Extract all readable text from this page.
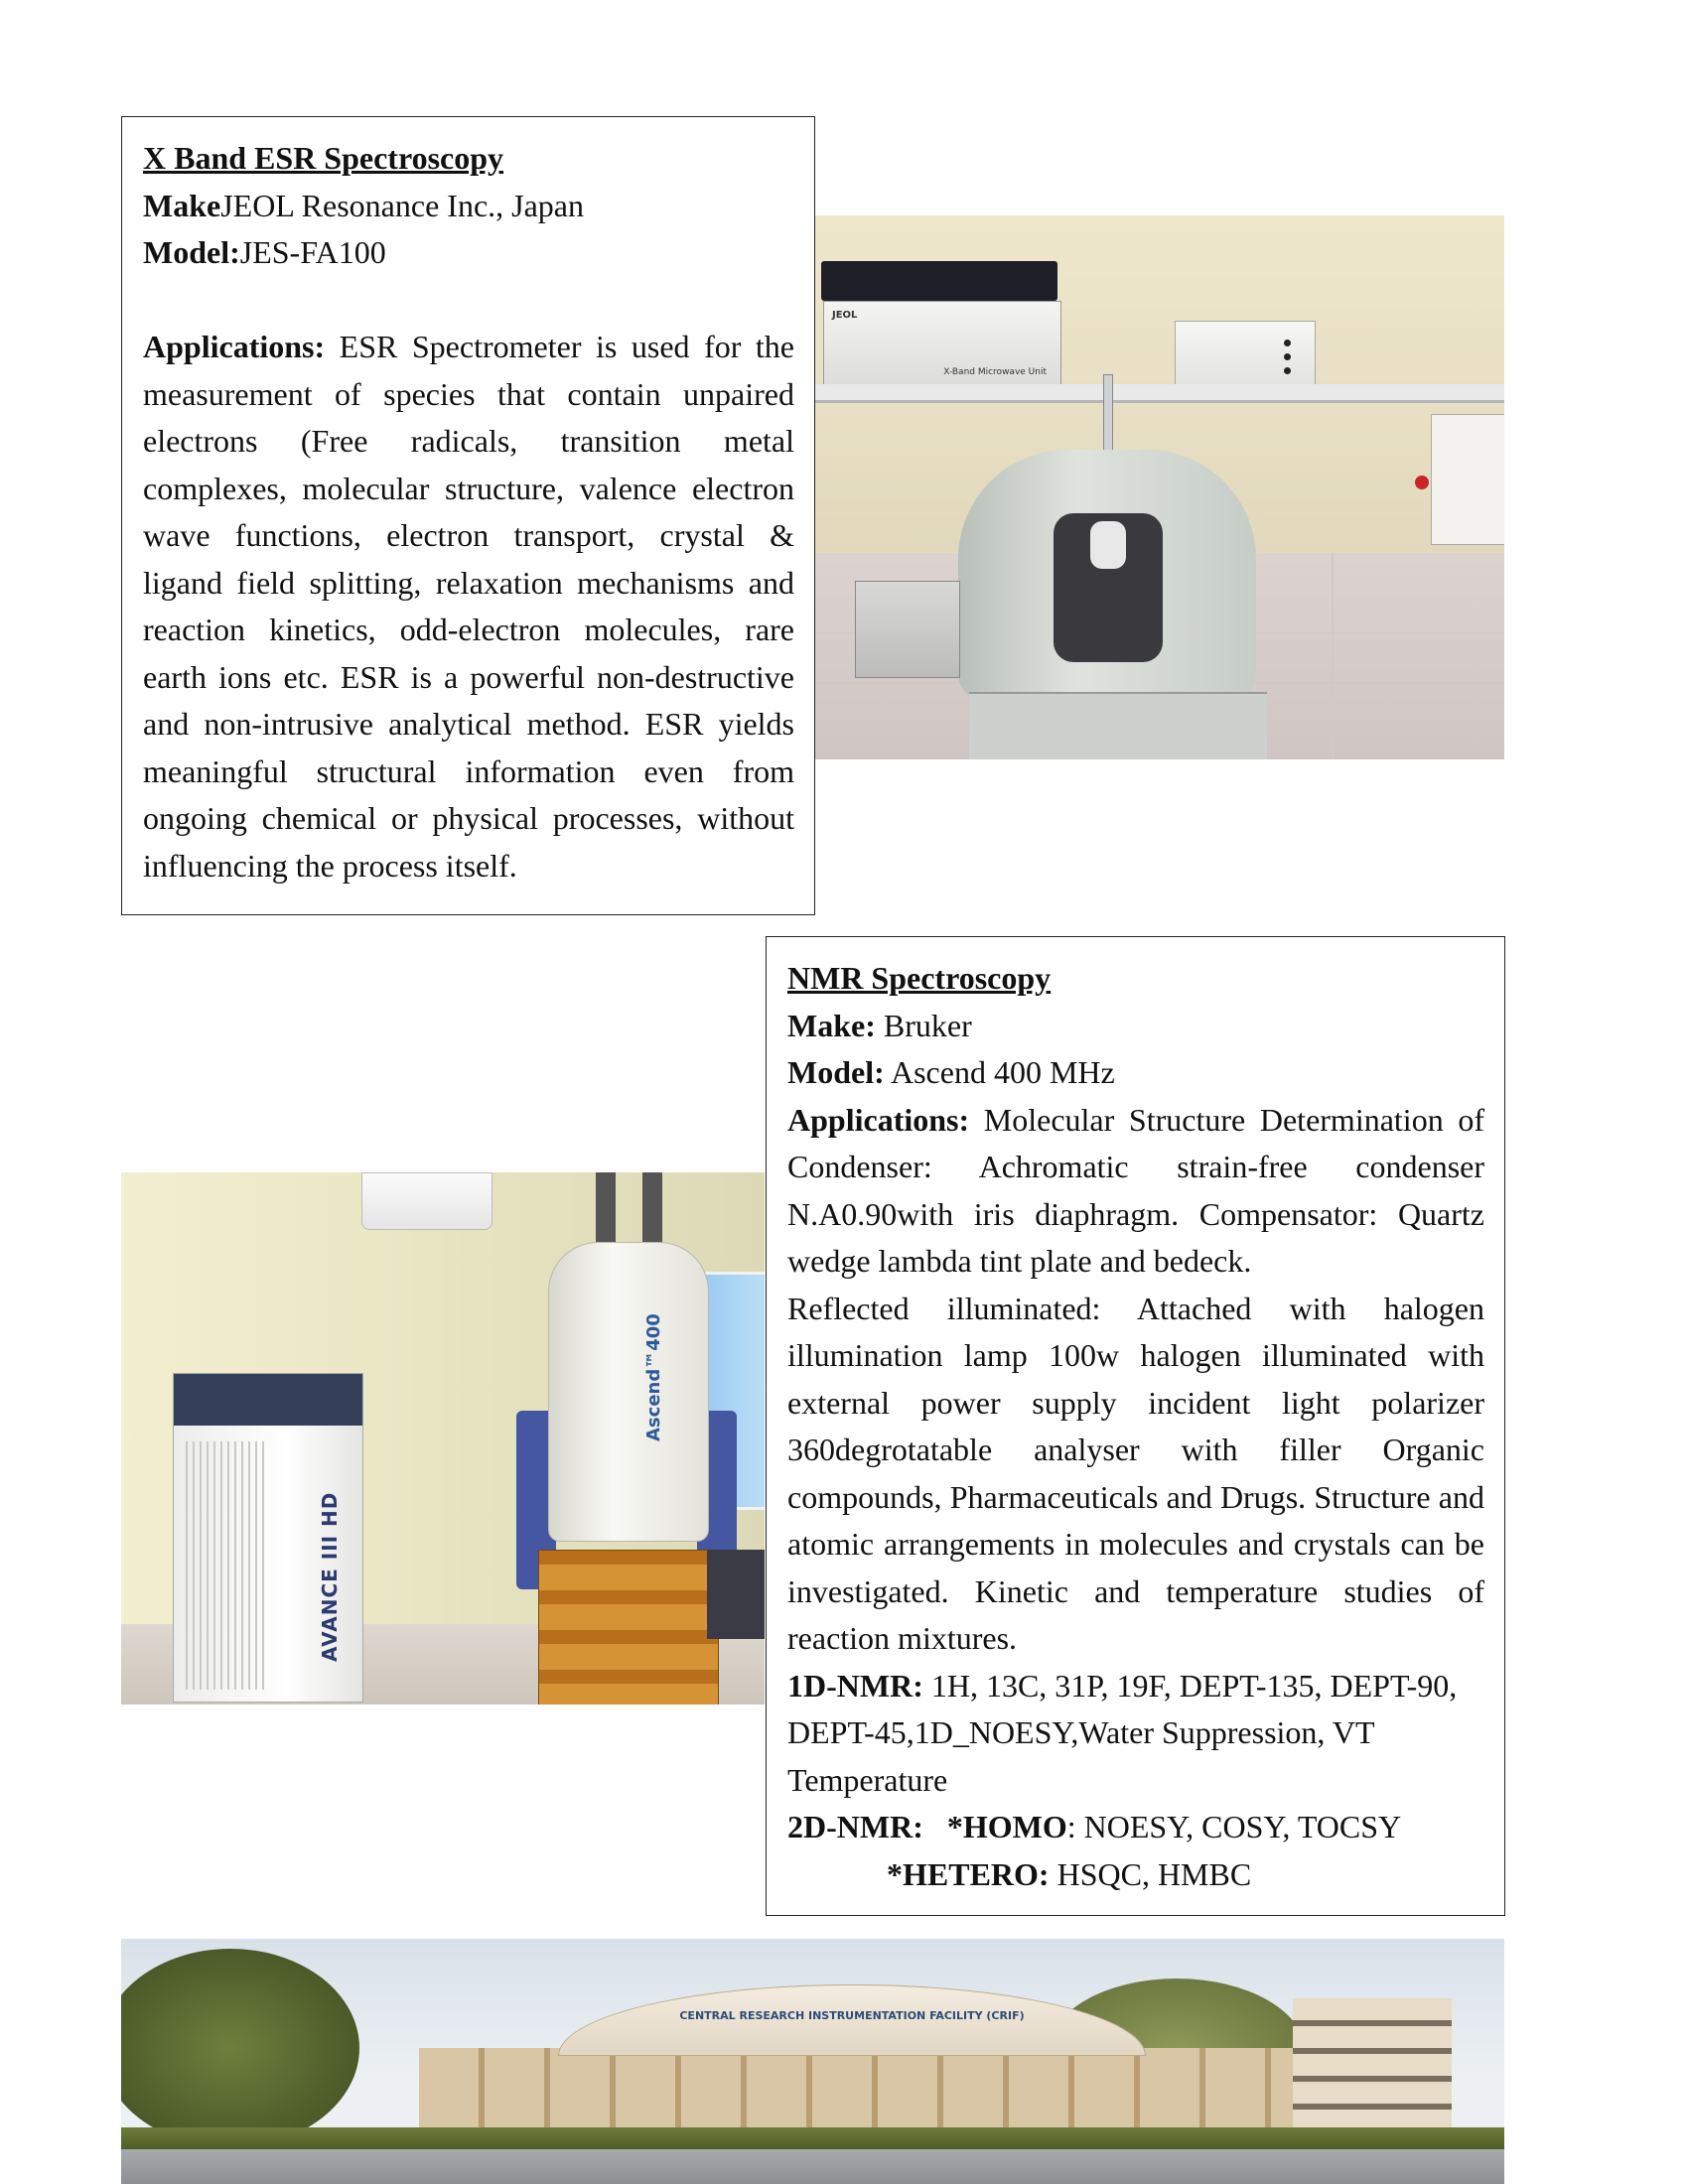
X Band ESR Spectroscopy

MakeJEOL Resonance Inc., Japan

Model:JES-FA100

Applications: ESR Spectrometer is used for the measurement of species that contain unpaired electrons (Free radicals, transition metal complexes, molecular structure, valence electron wave functions, electron transport, crystal & ligand field splitting, relaxation mechanisms and reaction kinetics, odd-electron molecules, rare earth ions etc. ESR is a powerful non-destructive and non-intrusive analytical method. ESR yields meaningful structural information even from ongoing chemical or physical processes, without influencing the process itself.

JEOL
X-Band Microwave Unit
AVANCE III HD
Ascend™400

NMR Spectroscopy

Make: Bruker

Model: Ascend 400 MHz

Applications: Molecular Structure Determination of Condenser: Achromatic strain-free condenser N.A0.90with iris diaphragm. Compensator: Quartz wedge lambda tint plate and bedeck.

Reflected illuminated: Attached with halogen illumination lamp 100w halogen illuminated with external power supply incident light polarizer 360degrotatable analyser with filler Organic compounds, Pharmaceuticals and Drugs. Structure and atomic arrangements in molecules and crystals can be investigated. Kinetic and temperature studies of reaction mixtures.

1D-NMR: 1H, 13C, 31P, 19F, DEPT-135, DEPT-90, DEPT-45,1D_NOESY,Water Suppression, VT Temperature

2D-NMR: *HOMO: NOESY, COSY, TOCSY

*HETERO: HSQC, HMBC

CENTRAL RESEARCH INSTRUMENTATION FACILITY (CRIF)
